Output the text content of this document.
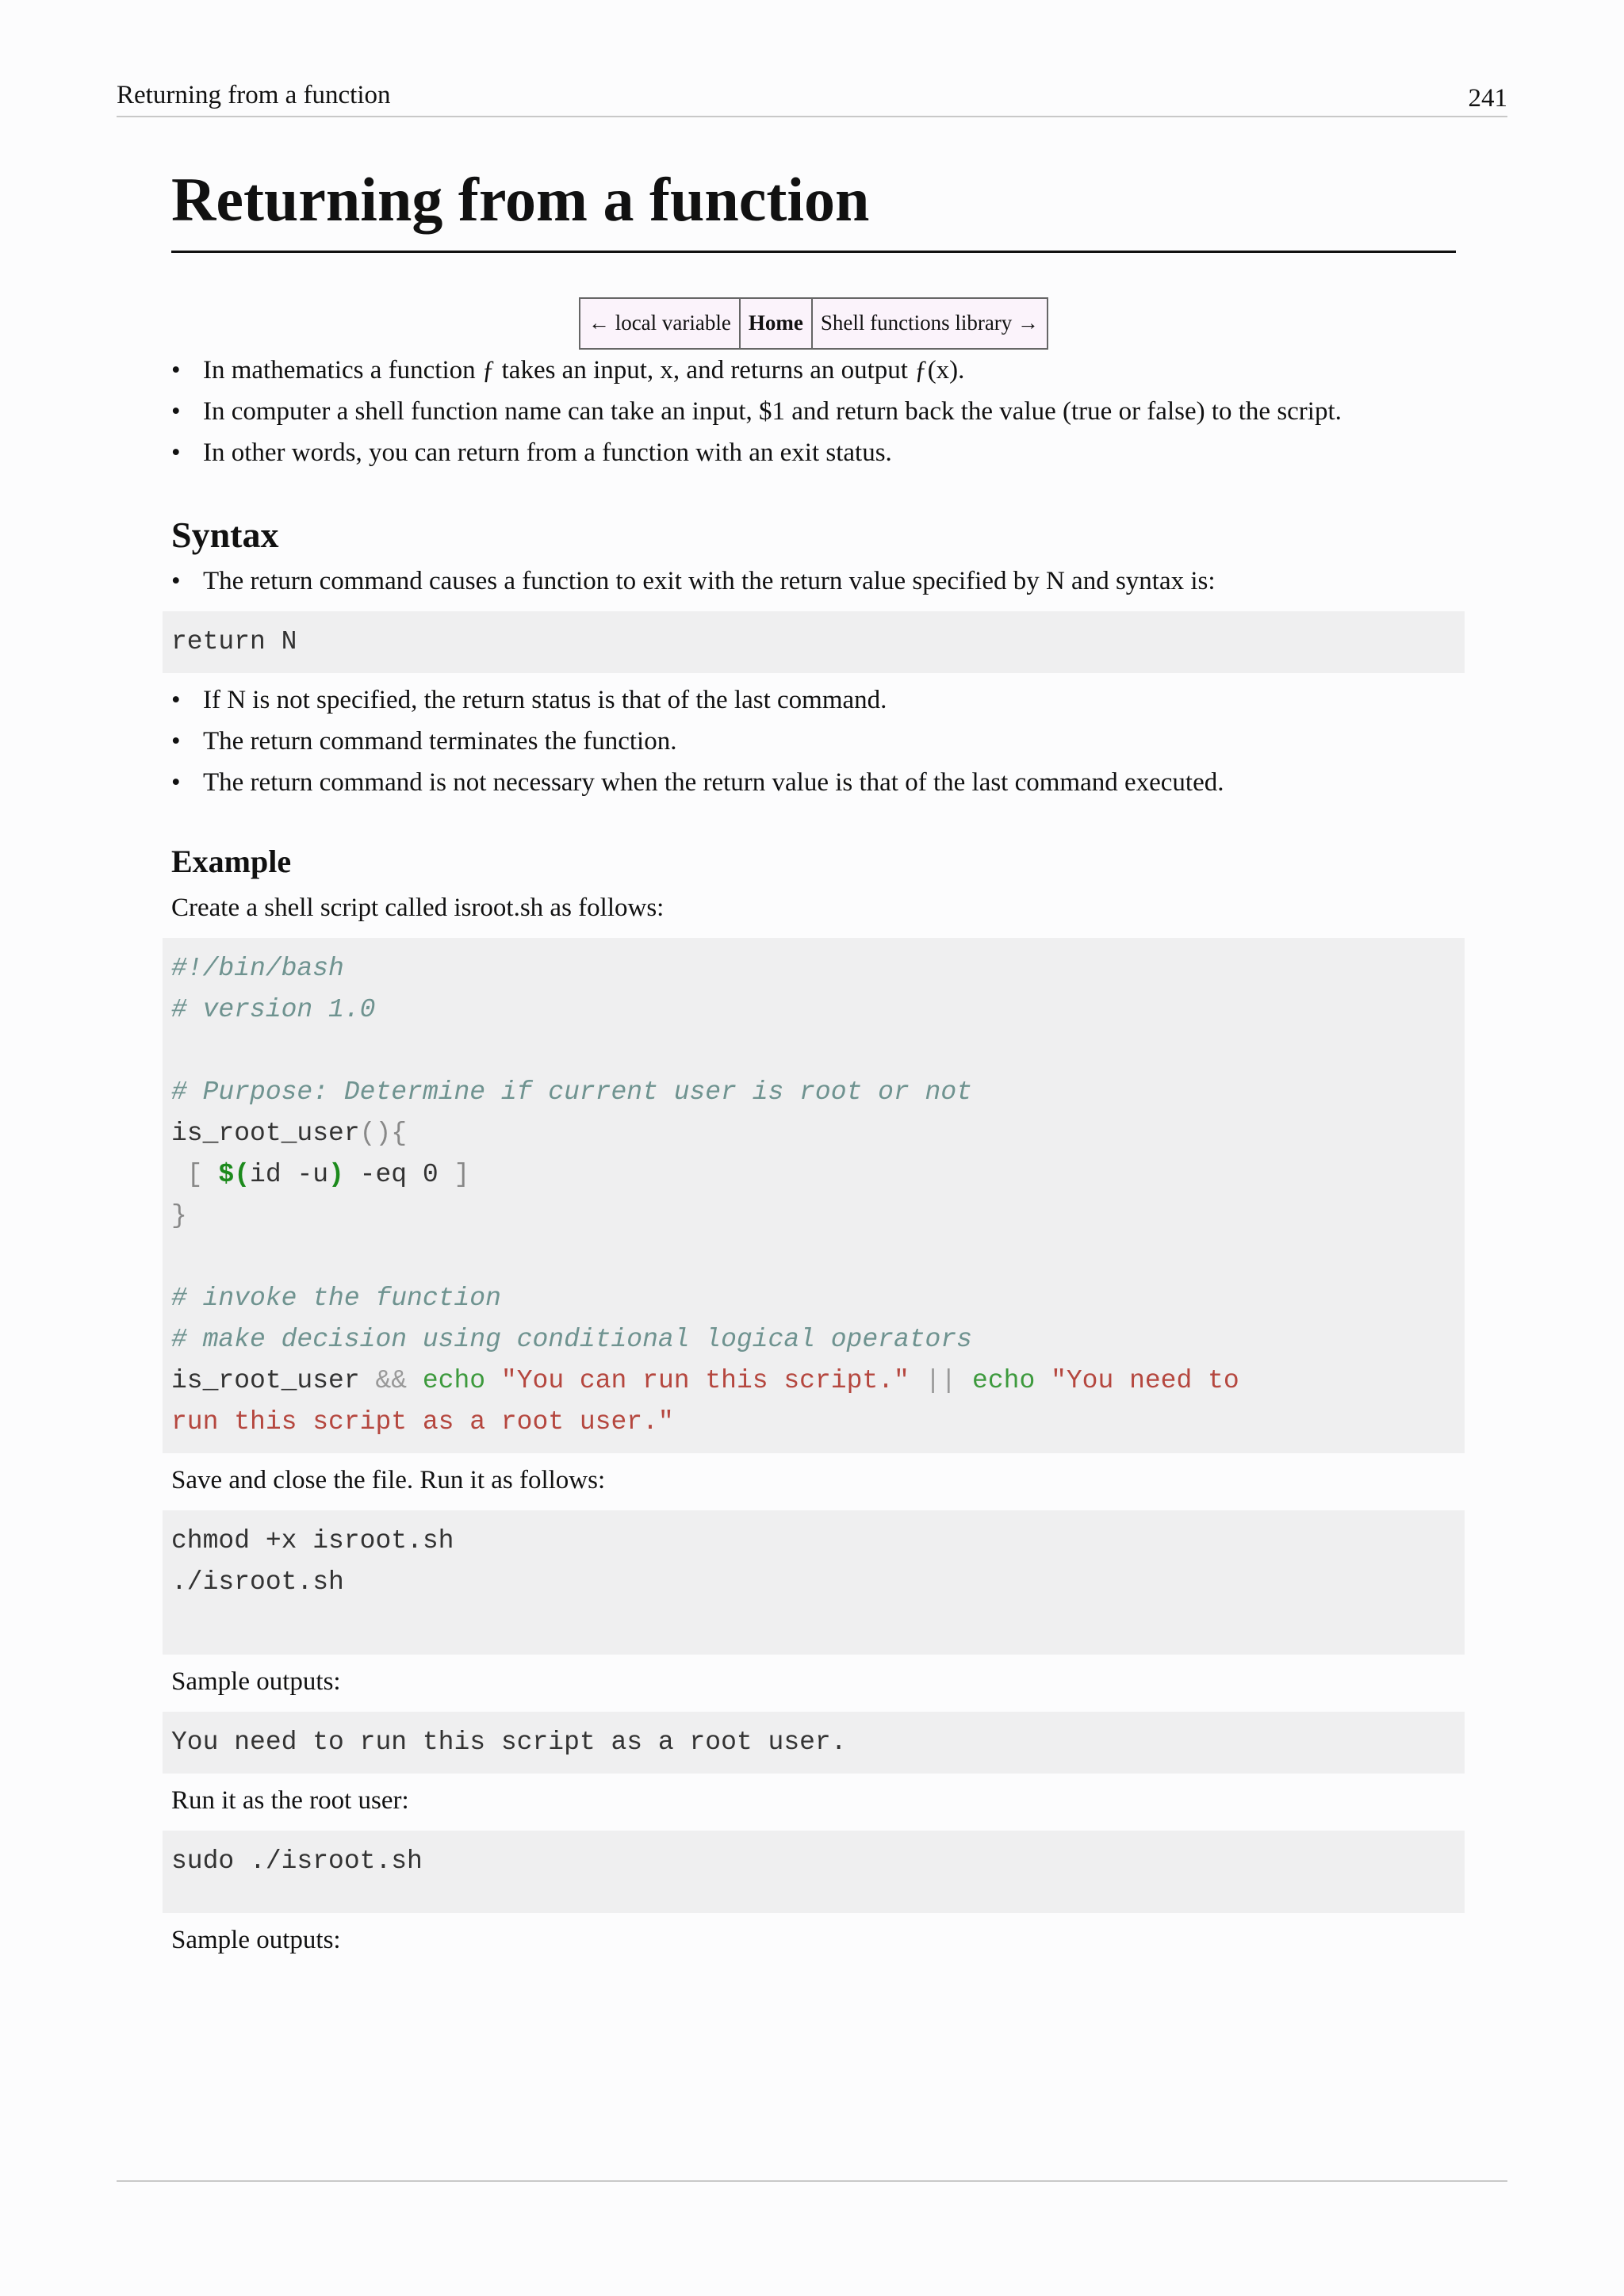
Returning from a function	241
Returning from a function
← local variable	Home	Shell functions library →
• In mathematics a function ƒ takes an input, x, and returns an output ƒ(x).
• In computer a shell function name can take an input, $1 and return back the value (true or false) to the script.
• In other words, you can return from a function with an exit status.
Syntax
• The return command causes a function to exit with the return value specified by N and syntax is:
return N
• If N is not specified, the return status is that of the last command.
• The return command terminates the function.
• The return command is not necessary when the return value is that of the last command executed.
Example

Create a shell script called isroot.sh as follows:

#!/bin/bash
# version 1.0
# Purpose: Determine if current user is root or not
is_root_user(){
[ $(id -u) -eq 0 ]
}
# invoke the function
# make decision using conditional logical operators
is_root_user && echo "You can run this script." || echo "You need to
run this script as a root user."

Save and close the file. Run it as follows:

chmod +x isroot.sh
./isroot.sh

Sample outputs:

You need to run this script as a root user.

Run it as the root user:

sudo ./isroot.sh

Sample outputs:
